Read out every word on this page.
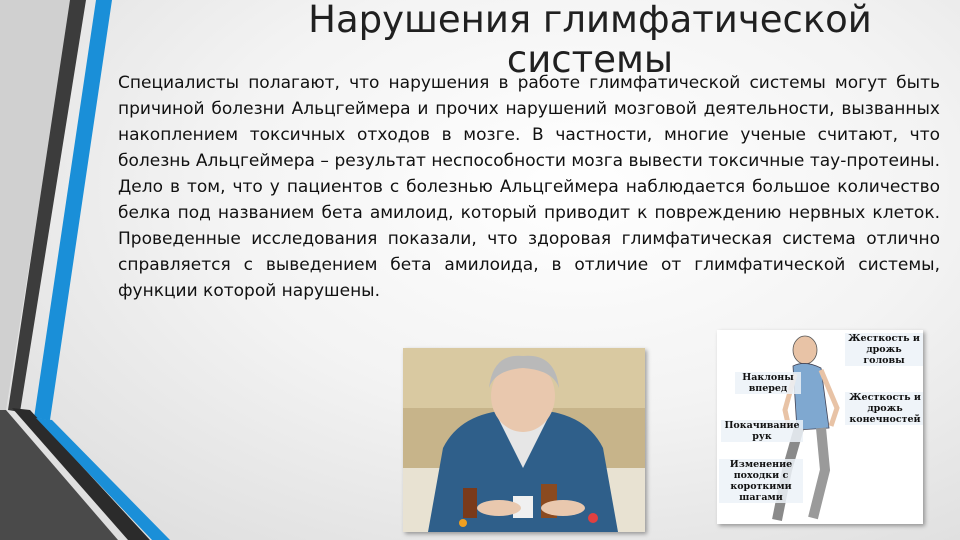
Нарушения глимфатической системы

Специалисты полагают, что нарушения в работе глимфатической системы могут быть причиной болезни Альцгеймера и прочих нарушений мозговой деятельности, вызванных накоплением токсичных отходов в мозге. В частности, многие ученые считают, что болезнь Альцгеймера – результат неспособности мозга вывести токсичные тау-протеины. Дело в том, что у пациентов с болезнью Альцгеймера наблюдается большое количество белка под названием бета амилоид, который приводит к повреждению нервных клеток. Проведенные исследования показали, что здоровая глимфатическая система отлично справляется с выведением бета амилоида, в отличие от глимфатической системы, функции которой нарушены.

Жесткость и дрожь головы
Наклоны вперед
Жесткость и дрожь конечностей
Покачивание рук
Изменение походки с короткими шагами
